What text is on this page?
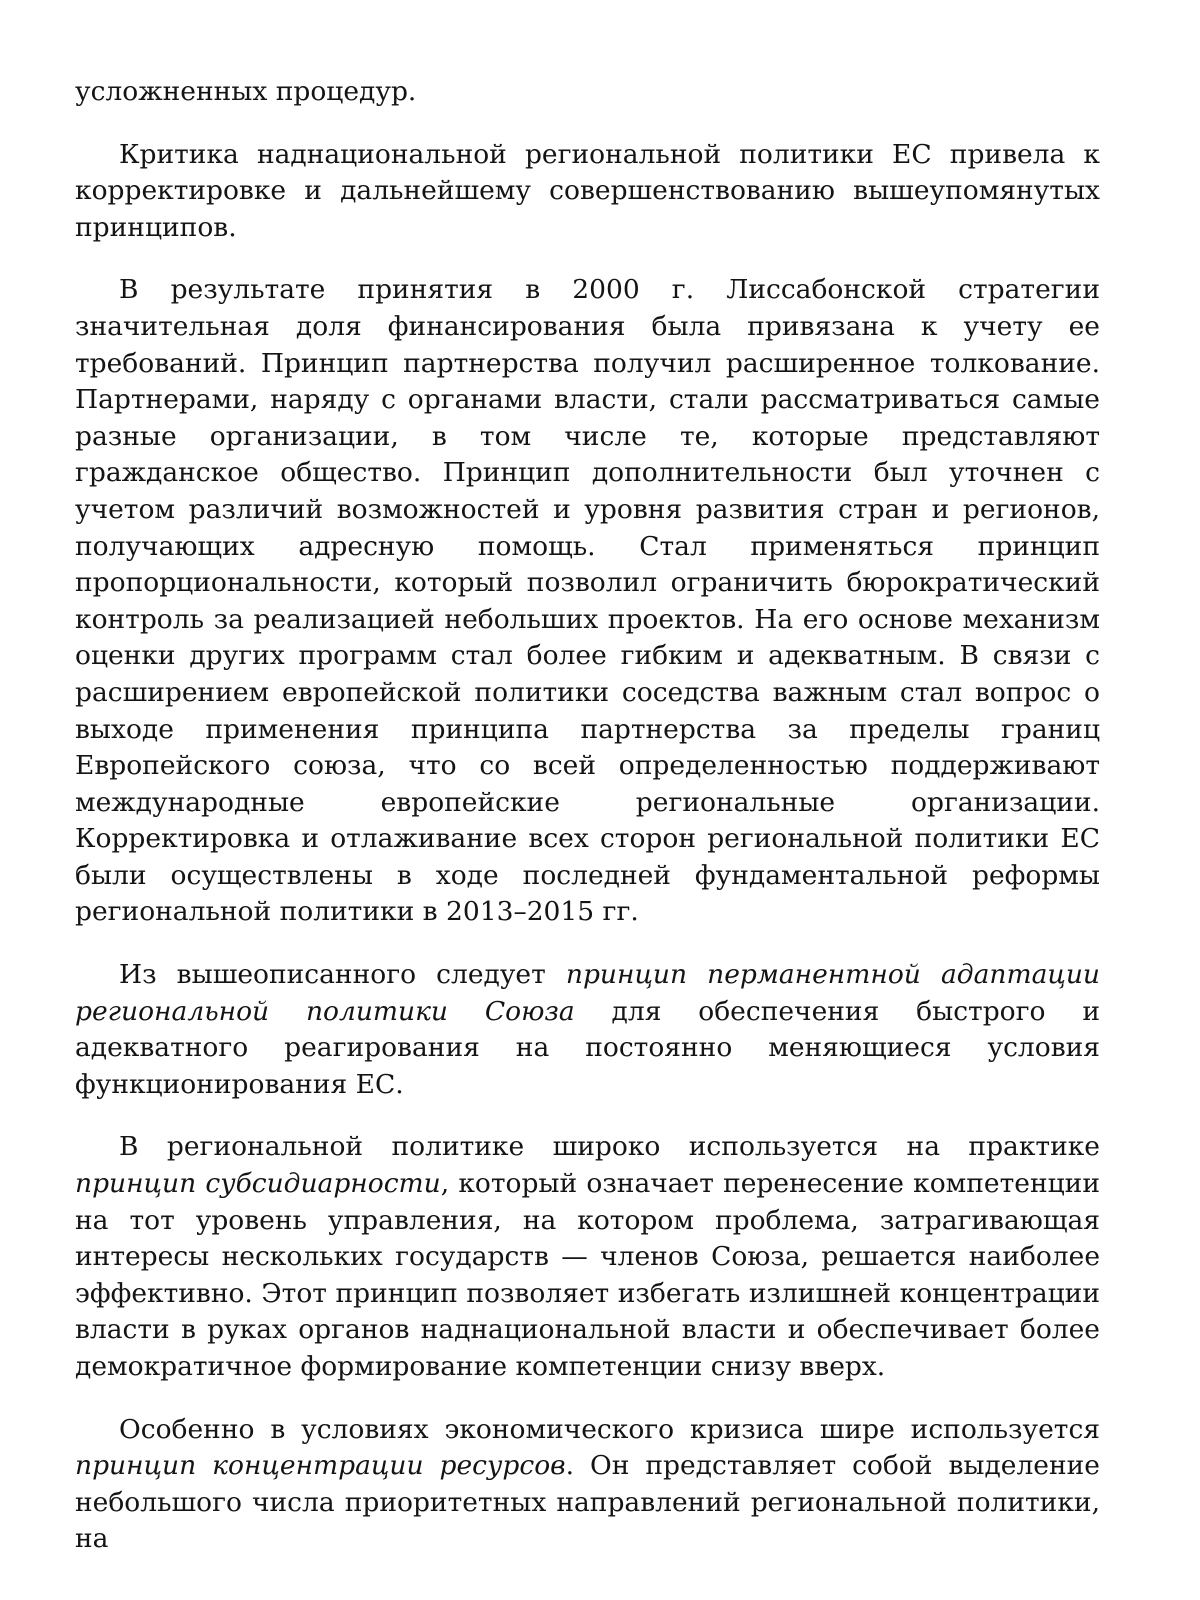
усложненных процедур.

Критика наднациональной региональной политики ЕС привела к корректировке и дальнейшему совершенствованию вышеупомянутых принципов.

В результате принятия в 2000 г. Лиссабонской стратегии значительная доля финансирования была привязана к учету ее требований. Принцип партнерства получил расширенное толкование. Партнерами, наряду с органами власти, стали рассматриваться самые разные организации, в том числе те, которые представляют гражданское общество. Принцип дополнительности был уточнен с учетом различий возможностей и уровня развития стран и регионов, получающих адресную помощь. Стал применяться принцип пропорциональности, который позволил ограничить бюрократический контроль за реализацией небольших проектов. На его основе механизм оценки других программ стал более гибким и адекватным. В связи с расширением европейской политики соседства важным стал вопрос о выходе применения принципа партнерства за пределы границ Европейского союза, что со всей определенностью поддерживают международные европейские региональные организации. Корректировка и отлаживание всех сторон региональной политики ЕС были осуществлены в ходе последней фундаментальной реформы региональной политики в 2013–2015 гг.

Из вышеописанного следует принцип перманентной адаптации региональной политики Союза для обеспечения быстрого и адекватного реагирования на постоянно меняющиеся условия функционирования ЕС.

В региональной политике широко используется на практике принцип субсидиарности, который означает перенесение компетенции на тот уровень управления, на котором проблема, затрагивающая интересы нескольких государств — членов Союза, решается наиболее эффективно. Этот принцип позволяет избегать излишней концентрации власти в руках органов наднациональной власти и обеспечивает более демократичное формирование компетенции снизу вверх.

Особенно в условиях экономического кризиса шире используется принцип концентрации ресурсов. Он представляет собой выделение небольшого числа приоритетных направлений региональной политики, на
